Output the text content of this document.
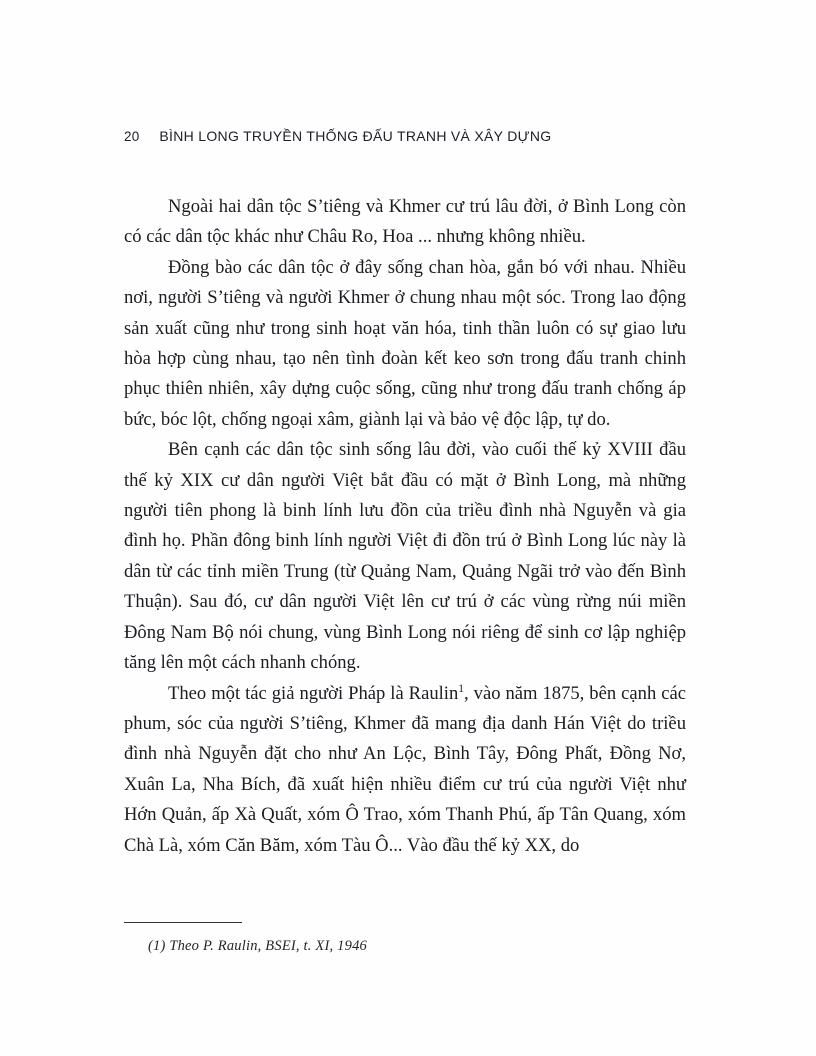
20 BÌNH LONG TRUYỀN THỐNG ĐẤU TRANH VÀ XÂY DỰNG

Ngoài hai dân tộc S’tiêng và Khmer cư trú lâu đời, ở Bình Long còn có các dân tộc khác như Châu Ro, Hoa ... nhưng không nhiều.

Đồng bào các dân tộc ở đây sống chan hòa, gắn bó với nhau. Nhiều nơi, người S’tiêng và người Khmer ở chung nhau một sóc. Trong lao động sản xuất cũng như trong sinh hoạt văn hóa, tinh thần luôn có sự giao lưu hòa hợp cùng nhau, tạo nên tình đoàn kết keo sơn trong đấu tranh chinh phục thiên nhiên, xây dựng cuộc sống, cũng như trong đấu tranh chống áp bức, bóc lột, chống ngoại xâm, giành lại và bảo vệ độc lập, tự do.

Bên cạnh các dân tộc sinh sống lâu đời, vào cuối thế kỷ XVIII đầu thế kỷ XIX cư dân người Việt bắt đầu có mặt ở Bình Long, mà những người tiên phong là binh lính lưu đồn của triều đình nhà Nguyễn và gia đình họ. Phần đông binh lính người Việt đi đồn trú ở Bình Long lúc này là dân từ các tỉnh miền Trung (từ Quảng Nam, Quảng Ngãi trở vào đến Bình Thuận). Sau đó, cư dân người Việt lên cư trú ở các vùng rừng núi miền Đông Nam Bộ nói chung, vùng Bình Long nói riêng để sinh cơ lập nghiệp tăng lên một cách nhanh chóng.

Theo một tác giả người Pháp là Raulin$^1$, vào năm 1875, bên cạnh các phum, sóc của người S’tiêng, Khmer đã mang địa danh Hán Việt do triều đình nhà Nguyễn đặt cho như An Lộc, Bình Tây, Đông Phất, Đồng Nơ, Xuân La, Nha Bích, đã xuất hiện nhiều điểm cư trú của người Việt như Hớn Quản, ấp Xà Quất, xóm Ô Trao, xóm Thanh Phú, ấp Tân Quang, xóm Chà Là, xóm Căn Băm, xóm Tàu Ô... Vào đầu thế kỷ XX, do

(1) Theo P. Raulin, BSEI, t. XI, 1946
